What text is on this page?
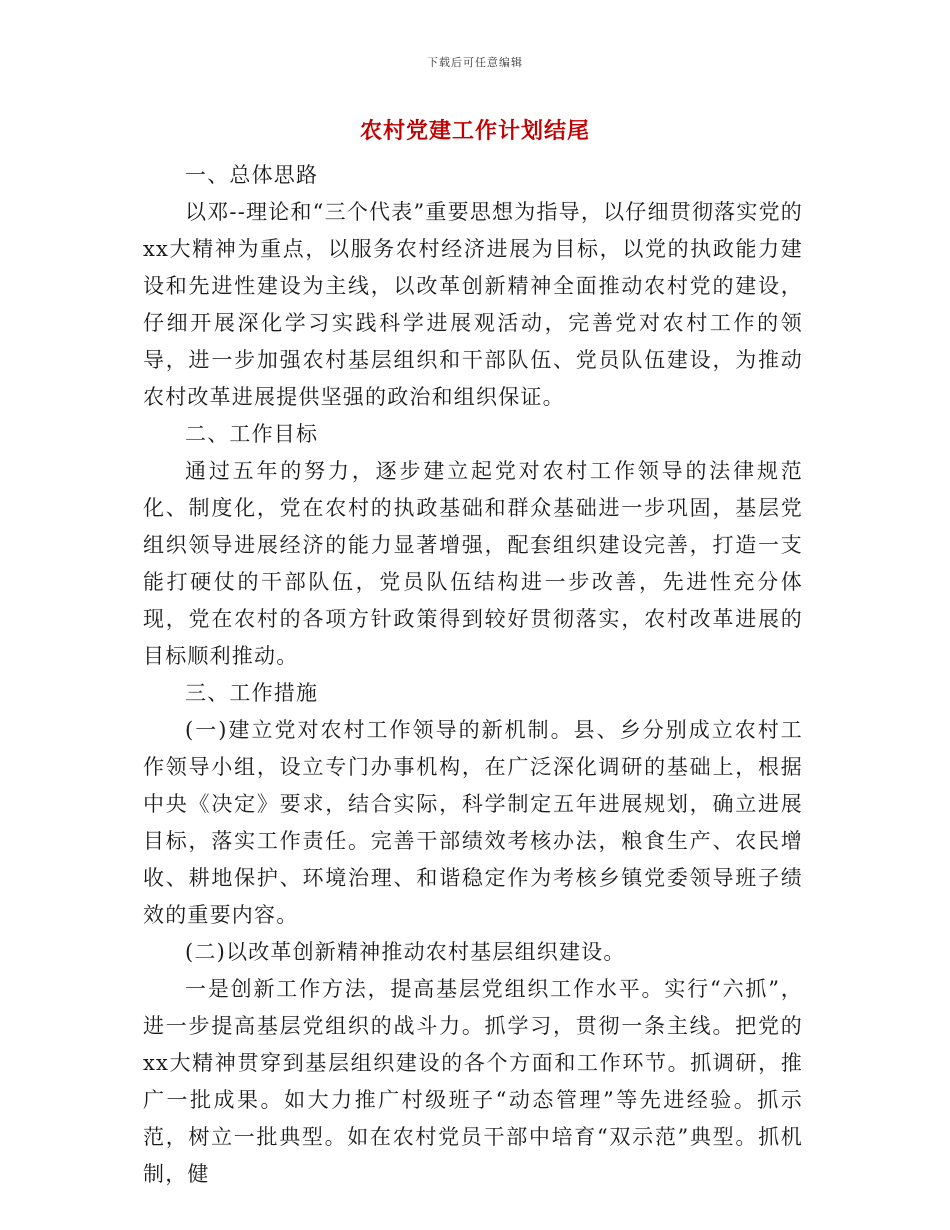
下载后可任意编辑
农村党建工作计划结尾

一、总体思路

以邓--理论和“三个代表”重要思想为指导，以仔细贯彻落实党的xx大精神为重点，以服务农村经济进展为目标，以党的执政能力建设和先进性建设为主线，以改革创新精神全面推动农村党的建设，仔细开展深化学习实践科学进展观活动，完善党对农村工作的领导，进一步加强农村基层组织和干部队伍、党员队伍建设，为推动农村改革进展提供坚强的政治和组织保证。

二、工作目标

通过五年的努力，逐步建立起党对农村工作领导的法律规范化、制度化，党在农村的执政基础和群众基础进一步巩固，基层党组织领导进展经济的能力显著增强，配套组织建设完善，打造一支能打硬仗的干部队伍，党员队伍结构进一步改善，先进性充分体现，党在农村的各项方针政策得到较好贯彻落实，农村改革进展的目标顺利推动。

三、工作措施

(一)建立党对农村工作领导的新机制。县、乡分别成立农村工作领导小组，设立专门办事机构，在广泛深化调研的基础上，根据中央《决定》要求，结合实际，科学制定五年进展规划，确立进展目标，落实工作责任。完善干部绩效考核办法，粮食生产、农民增收、耕地保护、环境治理、和谐稳定作为考核乡镇党委领导班子绩效的重要内容。

(二)以改革创新精神推动农村基层组织建设。

一是创新工作方法，提高基层党组织工作水平。实行“六抓”，进一步提高基层党组织的战斗力。抓学习，贯彻一条主线。把党的xx大精神贯穿到基层组织建设的各个方面和工作环节。抓调研，推广一批成果。如大力推广村级班子“动态管理”等先进经验。抓示范，树立一批典型。如在农村党员干部中培育“双示范”典型。抓机制，健
